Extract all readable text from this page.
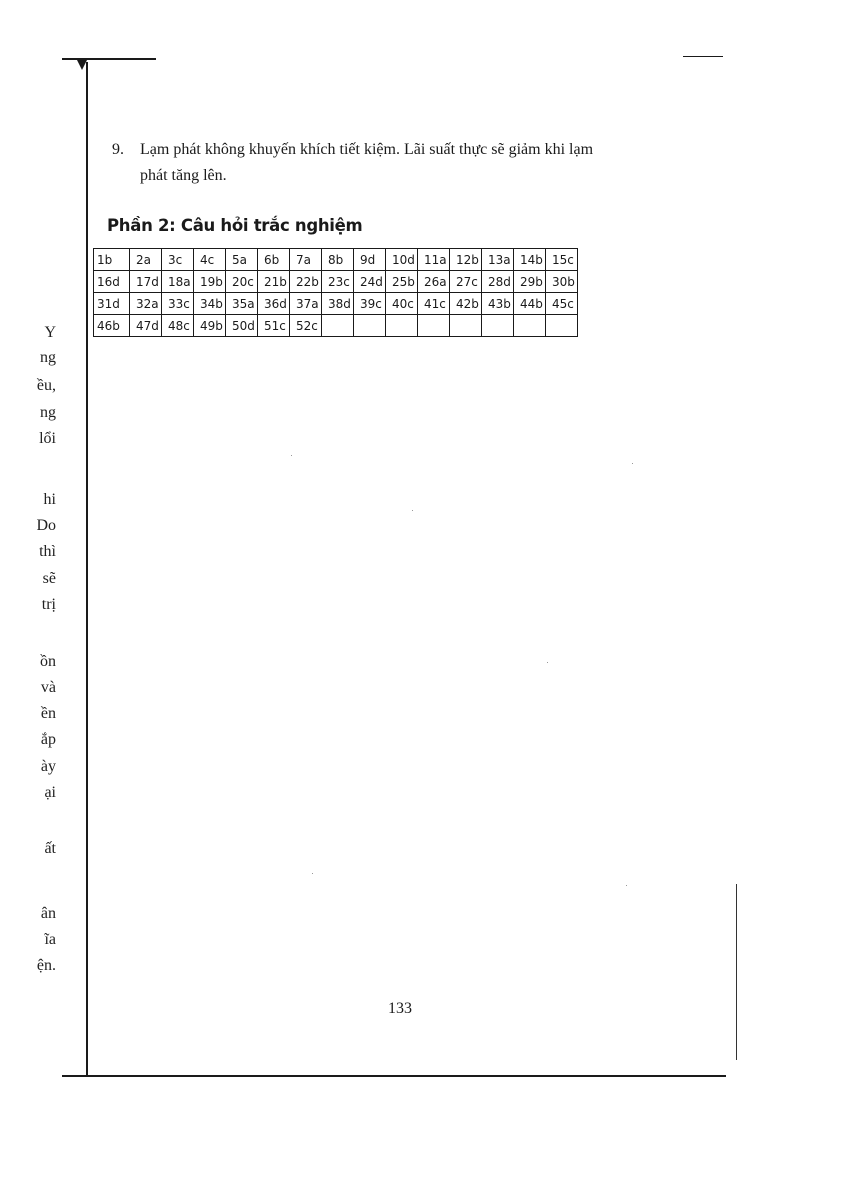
Y
ng
ều,
ng
lổi
hi
Do
thì
sẽ
trị
ồn
và
ền
ắp
ày
ại
ất
ân
ĩa
ện.
9.	Lạm phát không khuyến khích tiết kiệm. Lãi suất thực sẽ giảm khi lạm
phát tăng lên.
Phần 2: Câu hỏi trắc nghiệm
1b	2a	3c	4c	5a	6b	7a	8b	9d	10d	11a	12b	13a	14b	15c
16d	17d	18a	19b	20c	21b	22b	23c	24d	25b	26a	27c	28d	29b	30b
31d	32a	33c	34b	35a	36d	37a	38d	39c	40c	41c	42b	43b	44b	45c
46b	47d	48c	49b	50d	51c	52c								
133
